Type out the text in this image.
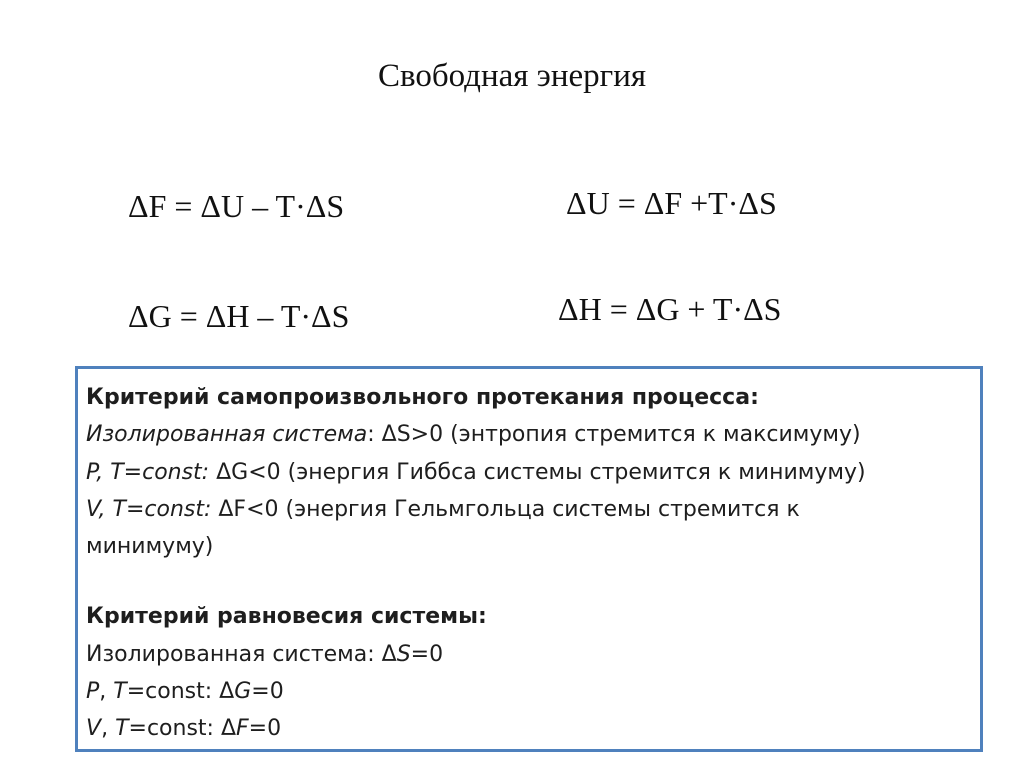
Свободная энергия
ΔF = ΔU – T·ΔS	ΔU = ΔF +T·ΔS
ΔG = ΔH – T·ΔS	ΔH = ΔG + T·ΔS
Критерий самопроизвольного протекания процесса:
Изолированная система: ΔS>0 (энтропия стремится к максимуму)
P, T=const: ΔG<0 (энергия Гиббса системы стремится к минимуму)
V, T=const: ΔF<0 (энергия Гельмгольца системы стремится к
минимуму)
Критерий равновесия системы:
Изолированная система: ΔS=0
P, T=const: ΔG=0
V, T=const: ΔF=0
